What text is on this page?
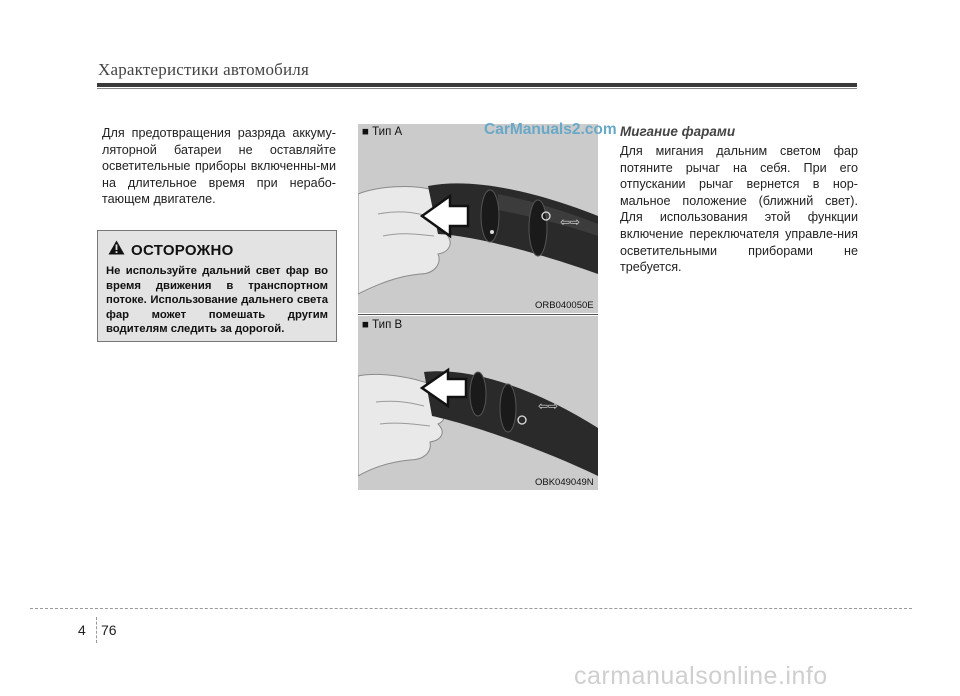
Характеристики автомобиля
Для предотвращения разряда аккуму-ляторной батареи не оставляйте осветительные приборы включенны-ми на длительное время при нерабо-тающем двигателе.
ОСТОРОЖНО
Не используйте дальний свет фар во время движения в транспортном потоке. Использование дальнего света фар может помешать другим водителям следить за дорогой.
⇦⇨
■ Тип A
ORB040050E
⇦⇨
■ Тип B
OBK049049N
CarManuals2.com Мигание фарами
Для мигания дальним светом фар потяните рычаг на себя. При его отпускании рычаг вернется в нор-мальное положение (ближний свет). Для использования этой функции включение переключателя управле-ния осветительными приборами не требуется.
4 76
carmanualsonline.info
